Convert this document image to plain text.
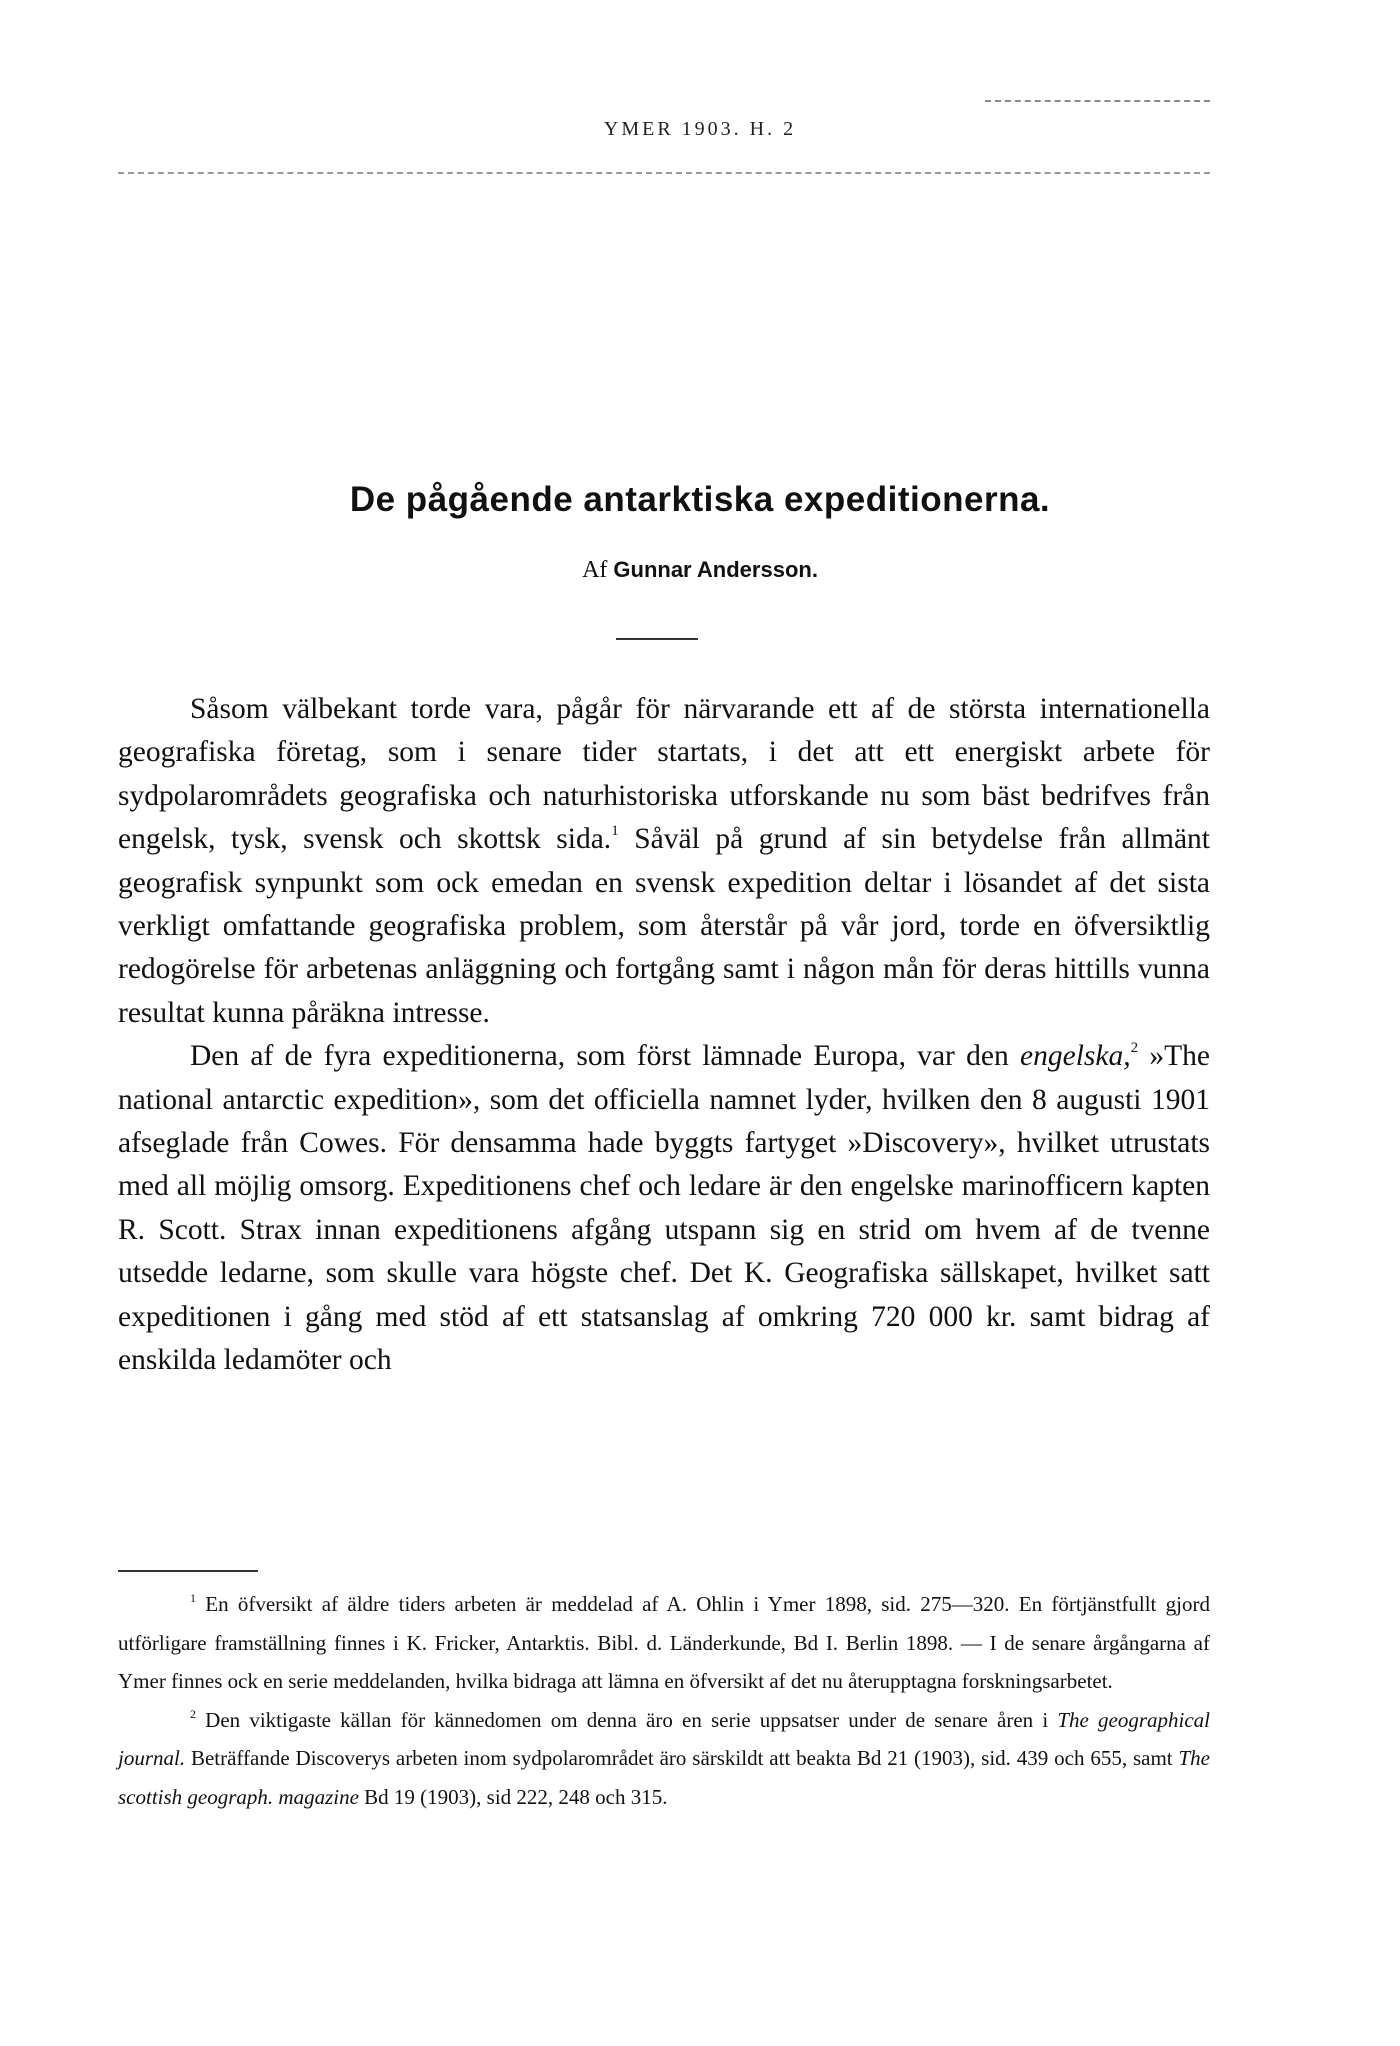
YMER 1903. H. 2
De pågående antarktiska expeditionerna.
Af Gunnar Andersson.

Såsom välbekant torde vara, pågår för närvarande ett af de största internationella geografiska företag, som i senare tider startats, i det att ett energiskt arbete för sydpolarområdets geografiska och naturhistoriska utforskande nu som bäst bedrifves från engelsk, tysk, svensk och skottsk sida.$^1$ Såväl på grund af sin betydelse från allmänt geografisk synpunkt som ock emedan en svensk expedition deltar i lösandet af det sista verkligt omfattande geografiska problem, som återstår på vår jord, torde en öfversiktlig redogörelse för arbetenas anläggning och fortgång samt i någon mån för deras hittills vunna resultat kunna påräkna intresse.

Den af de fyra expeditionerna, som först lämnade Europa, var den engelska,$^2$ »The national antarctic expedition», som det officiella namnet lyder, hvilken den 8 augusti 1901 afseglade från Cowes. För densamma hade byggts fartyget »Discovery», hvilket utrustats med all möjlig omsorg. Expeditionens chef och ledare är den engelske marinofficern kapten R. Scott. Strax innan expeditionens afgång utspann sig en strid om hvem af de tvenne utsedde ledarne, som skulle vara högste chef. Det K. Geografiska sällskapet, hvilket satt expeditionen i gång med stöd af ett statsanslag af omkring 720 000 kr. samt bidrag af enskilda ledamöter och

$^1$ En öfversikt af äldre tiders arbeten är meddelad af A. Ohlin i Ymer 1898, sid. 275—320. En förtjänstfullt gjord utförligare framställning finnes i K. Fricker, Antarktis. Bibl. d. Länderkunde, Bd I. Berlin 1898. — I de senare årgångarna af Ymer finnes ock en serie meddelanden, hvilka bidraga att lämna en öfversikt af det nu återupptagna forskningsarbetet.

$^2$ Den viktigaste källan för kännedomen om denna äro en serie uppsatser under de senare åren i The geographical journal. Beträffande Discoverys arbeten inom sydpolarområdet äro särskildt att beakta Bd 21 (1903), sid. 439 och 655, samt The scottish geograph. magazine Bd 19 (1903), sid 222, 248 och 315.
